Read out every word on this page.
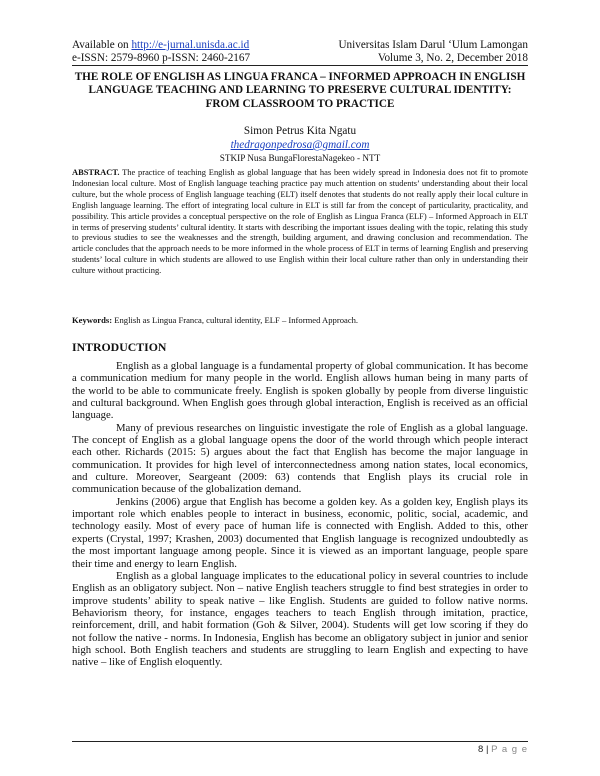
Available on http://e-jurnal.unisda.ac.id	Universitas Islam Darul ‘Ulum Lamongan
e-ISSN: 2579-8960 p-ISSN: 2460-2167	Volume 3, No. 2, December 2018
THE ROLE OF ENGLISH AS LINGUA FRANCA – INFORMED APPROACH IN ENGLISH LANGUAGE TEACHING AND LEARNING TO PRESERVE CULTURAL IDENTITY: FROM CLASSROOM TO PRACTICE
Simon Petrus Kita Ngatu
thedragonpedrosa@gmail.com
STKIP Nusa BungaFlorestaNagekeo - NTT
ABSTRACT. The practice of teaching English as global language that has been widely spread in Indonesia does not fit to promote Indonesian local culture. Most of English language teaching practice pay much attention on students’ understanding about their local culture, but the whole process of English language teaching (ELT) itself denotes that students do not really apply their local culture in English language learning. The effort of integrating local culture in ELT is still far from the concept of particularity, practicality, and possibility. This article provides a conceptual perspective on the role of English as Lingua Franca (ELF) – Informed Approach in ELT in terms of preserving students’ cultural identity. It starts with describing the important issues dealing with the topic, relating this study to previous studies to see the weaknesses and the strength, building argument, and drawing conclusion and recommendation. The article concludes that the approach needs to be more informed in the whole process of ELT in terms of learning English and preserving students’ local culture in which students are allowed to use English within their local culture rather than only in understanding their culture without practicing.
Keywords: English as Lingua Franca, cultural identity, ELF – Informed Approach.
INTRODUCTION

English as a global language is a fundamental property of global communication. It has become a communication medium for many people in the world. English allows human being in many parts of the world to be able to communicate freely. English is spoken globally by people from diverse linguistic and cultural background. When English goes through global interaction, English is received as an official language.

Many of previous researches on linguistic investigate the role of English as a global language. The concept of English as a global language opens the door of the world through which people interact each other. Richards (2015: 5) argues about the fact that English has become the major language in communication. It provides for high level of interconnectedness among nation states, local economics, and culture. Moreover, Seargeant (2009: 63) contends that English plays its crucial role in communication because of the globalization demand.

Jenkins (2006) argue that English has become a golden key. As a golden key, English plays its important role which enables people to interact in business, economic, politic, social, academic, and technology easily. Most of every pace of human life is connected with English. Added to this, other experts (Crystal, 1997; Krashen, 2003) documented that English language is recognized undoubtedly as the most important language among people. Since it is viewed as an important language, people spare their time and energy to learn English.

English as a global language implicates to the educational policy in several countries to include English as an obligatory subject. Non – native English teachers struggle to find best strategies in order to improve students’ ability to speak native – like English. Students are guided to follow native norms. Behaviorism theory, for instance, engages teachers to teach English through imitation, practice, reinforcement, drill, and habit formation (Goh & Silver, 2004). Students will get low scoring if they do not follow the native - norms. In Indonesia, English has become an obligatory subject in junior and senior high school. Both English teachers and students are struggling to learn English and expecting to have native – like of English eloquently.

8 | P a g e
